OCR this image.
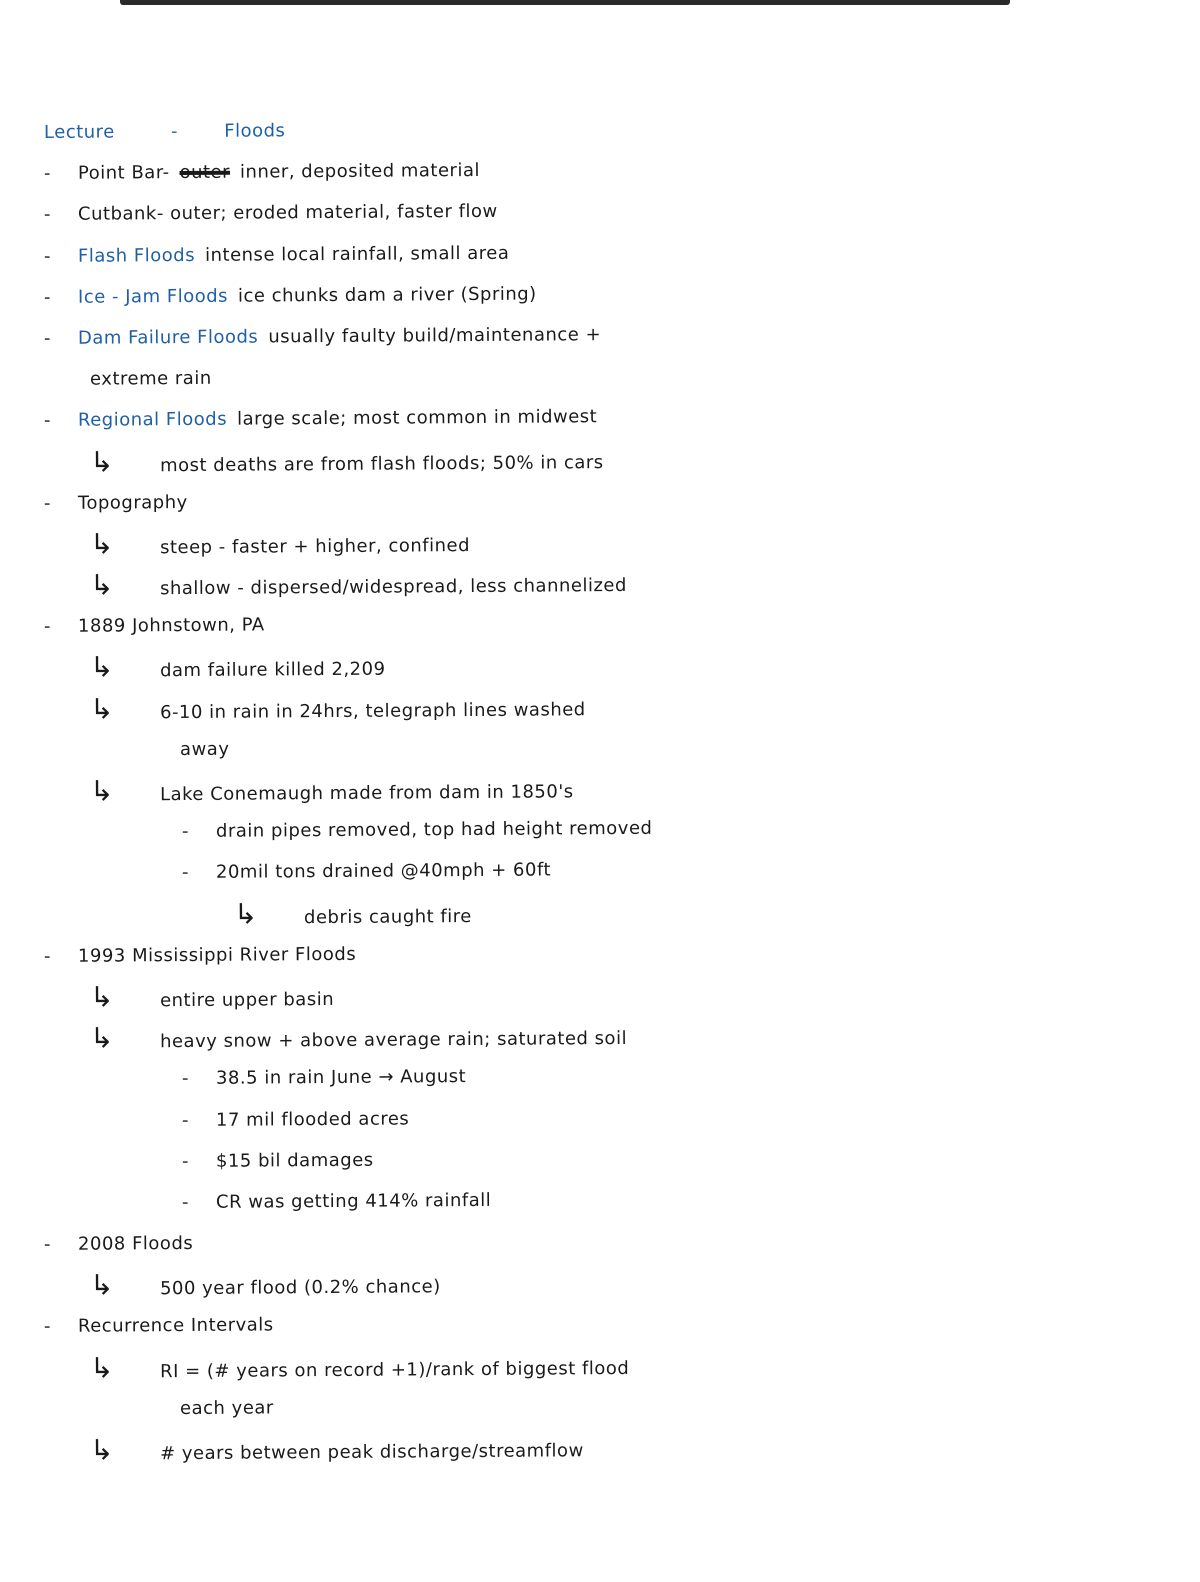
Lecture	-	Floods
- Point Bar- outer inner, deposited material
- Cutbank- outer; eroded material, faster flow
- Flash Floods intense local rainfall, small area
- Ice - Jam Floods ice chunks dam a river (Spring)
- Dam Failure Floods usually faulty build/maintenance +
extreme rain
- Regional Floods large scale; most common in midwest
↳	most deaths are from flash floods; 50% in cars
- Topography
↳	steep - faster + higher, confined
↳	shallow - dispersed/widespread, less channelized
- 1889 Johnstown, PA
↳	dam failure killed 2,209
↳	6-10 in rain in 24hrs, telegraph lines washed
away
↳	Lake Conemaugh made from dam in 1850's
- drain pipes removed, top had height removed
- 20mil tons drained @40mph + 60ft
↳	debris caught fire
- 1993 Mississippi River Floods
↳	entire upper basin
↳	heavy snow + above average rain; saturated soil
- 38.5 in rain June → August
- 17 mil flooded acres
- $15 bil damages
- CR was getting 414% rainfall
- 2008 Floods
↳	500 year flood (0.2% chance)
- Recurrence Intervals
↳	RI = (# years on record +1)/rank of biggest flood
each year
↳	# years between peak discharge/streamflow
